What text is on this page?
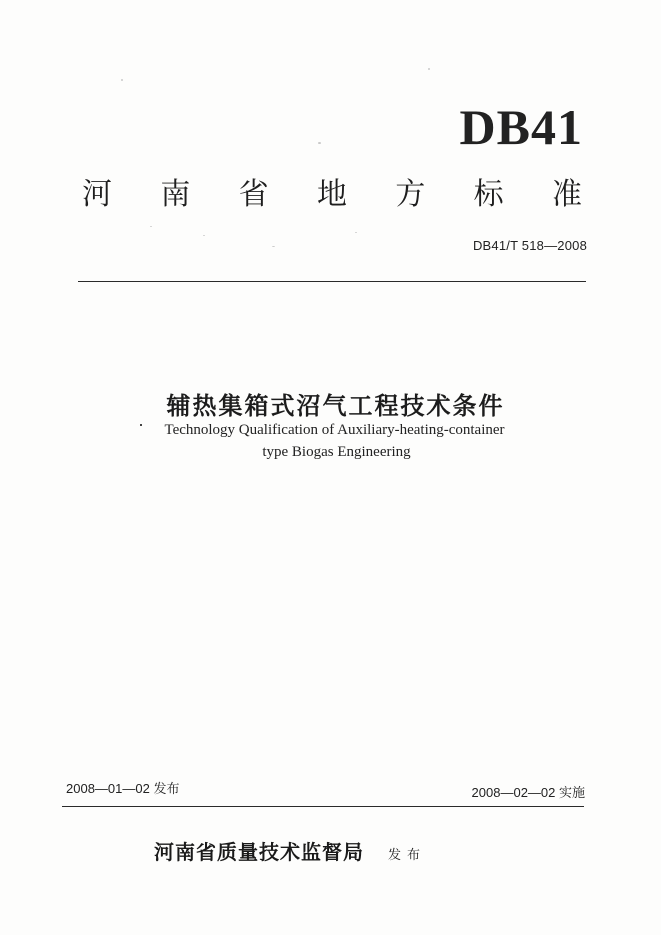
DB41
河 南 省 地 方 标 准
DB41/T 518—2008
辅热集箱式沼气工程技术条件
Technology Qualification of Auxiliary-heating-container
type Biogas Engineering
2008—01—02 发布	2008—02—02 实施
河南省质量技术监督局 发布
